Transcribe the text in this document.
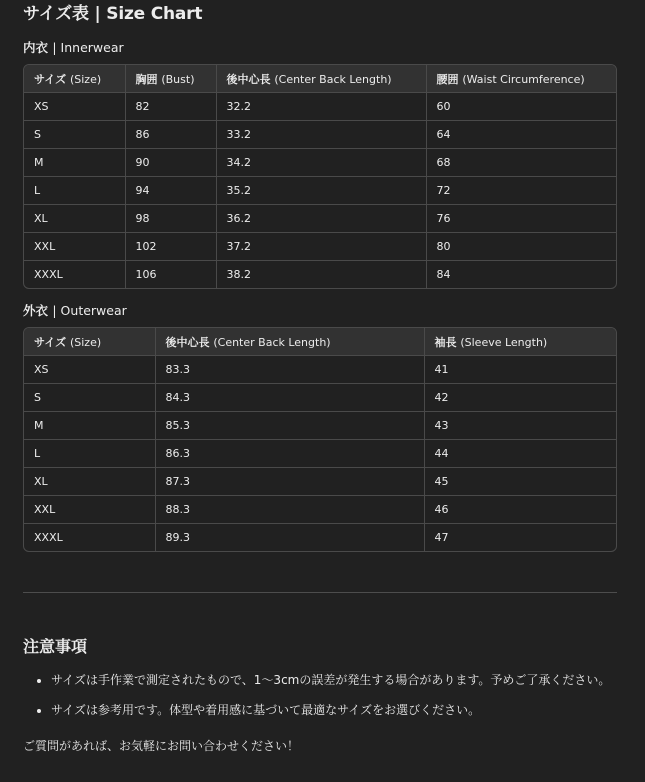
サイズ表 | Size Chart
内衣 | Innerwear
サイズ (Size)	胸囲 (Bust)	後中心長 (Center Back Length)	腰囲 (Waist Circumference)
XS	82	32.2	60
S	86	33.2	64
M	90	34.2	68
L	94	35.2	72
XL	98	36.2	76
XXL	102	37.2	80
XXXL	106	38.2	84
外衣 | Outerwear
サイズ (Size)	後中心長 (Center Back Length)	袖長 (Sleeve Length)
XS	83.3	41
S	84.3	42
M	85.3	43
L	86.3	44
XL	87.3	45
XXL	88.3	46
XXXL	89.3	47
注意事項
• サイズは手作業で測定されたもので、1〜3cmの誤差が発生する場合があります。予めご了承ください。
• サイズは参考用です。体型や着用感に基づいて最適なサイズをお選びください。

ご質問があれば、お気軽にお問い合わせください！
